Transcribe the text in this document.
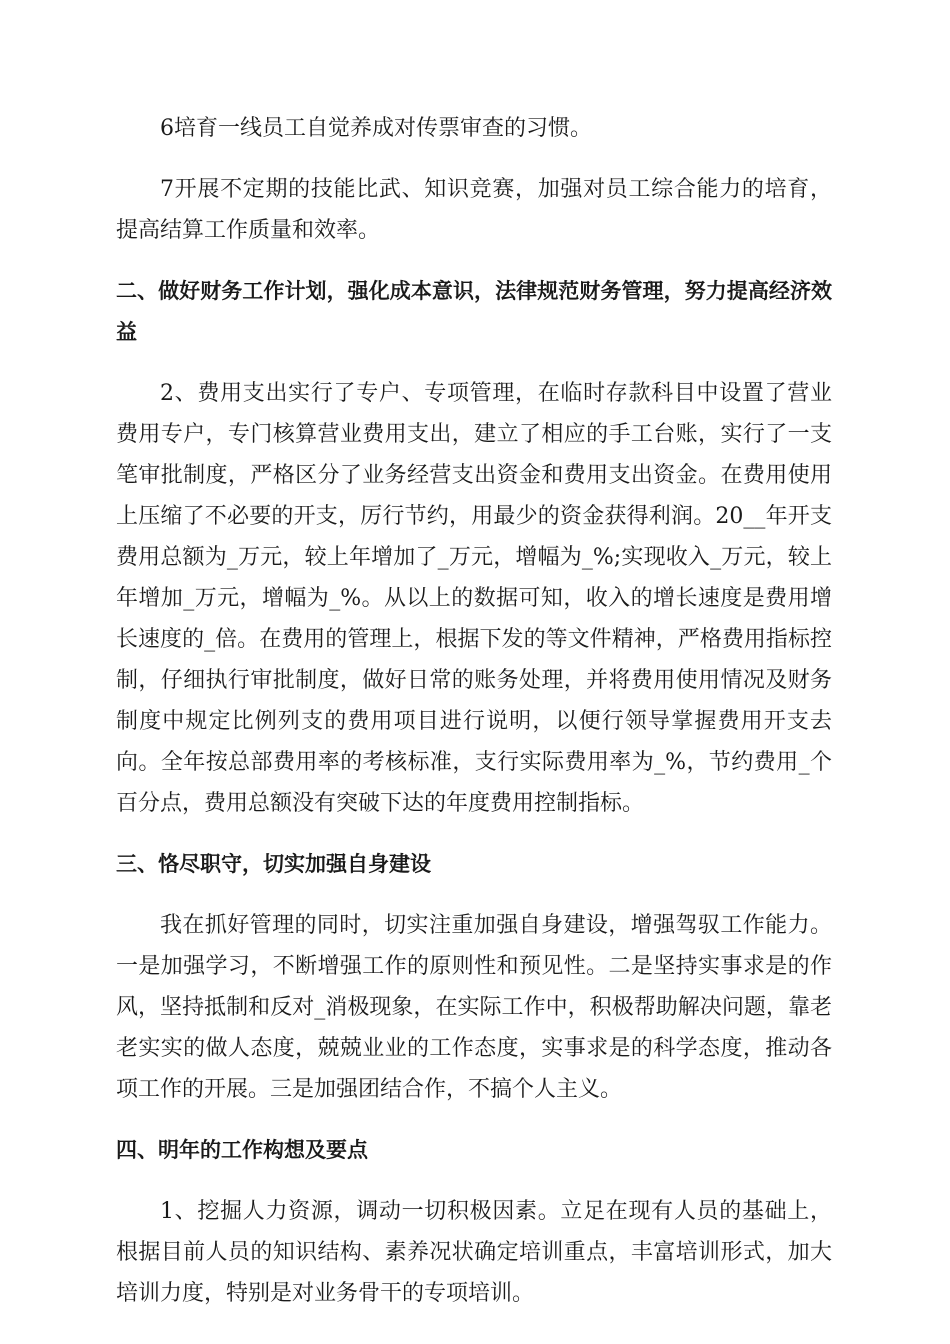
6培育一线员工自觉养成对传票审查的习惯。

7开展不定期的技能比武、知识竞赛，加强对员工综合能力的培育，提高结算工作质量和效率。

二、做好财务工作计划，强化成本意识，法律规范财务管理，努力提高经济效益

2、费用支出实行了专户、专项管理，在临时存款科目中设置了营业费用专户，专门核算营业费用支出，建立了相应的手工台账，实行了一支笔审批制度，严格区分了业务经营支出资金和费用支出资金。在费用使用上压缩了不必要的开支，厉行节约，用最少的资金获得利润。20__年开支费用总额为_万元，较上年增加了_万元，增幅为_%;实现收入_万元，较上年增加_万元，增幅为_%。从以上的数据可知，收入的增长速度是费用增长速度的_倍。在费用的管理上，根据下发的等文件精神，严格费用指标控制，仔细执行审批制度，做好日常的账务处理，并将费用使用情况及财务制度中规定比例列支的费用项目进行说明，以便行领导掌握费用开支去向。全年按总部费用率的考核标准，支行实际费用率为_%，节约费用_个百分点，费用总额没有突破下达的年度费用控制指标。

三、恪尽职守，切实加强自身建设

我在抓好管理的同时，切实注重加强自身建设，增强驾驭工作能力。一是加强学习，不断增强工作的原则性和预见性。二是坚持实事求是的作风，坚持抵制和反对_消极现象，在实际工作中，积极帮助解决问题，靠老老实实的做人态度，兢兢业业的工作态度，实事求是的科学态度，推动各项工作的开展。三是加强团结合作，不搞个人主义。

四、明年的工作构想及要点

1、挖掘人力资源，调动一切积极因素。立足在现有人员的基础上，根据目前人员的知识结构、素养况状确定培训重点，丰富培训形式，加大培训力度，特别是对业务骨干的专项培训。
